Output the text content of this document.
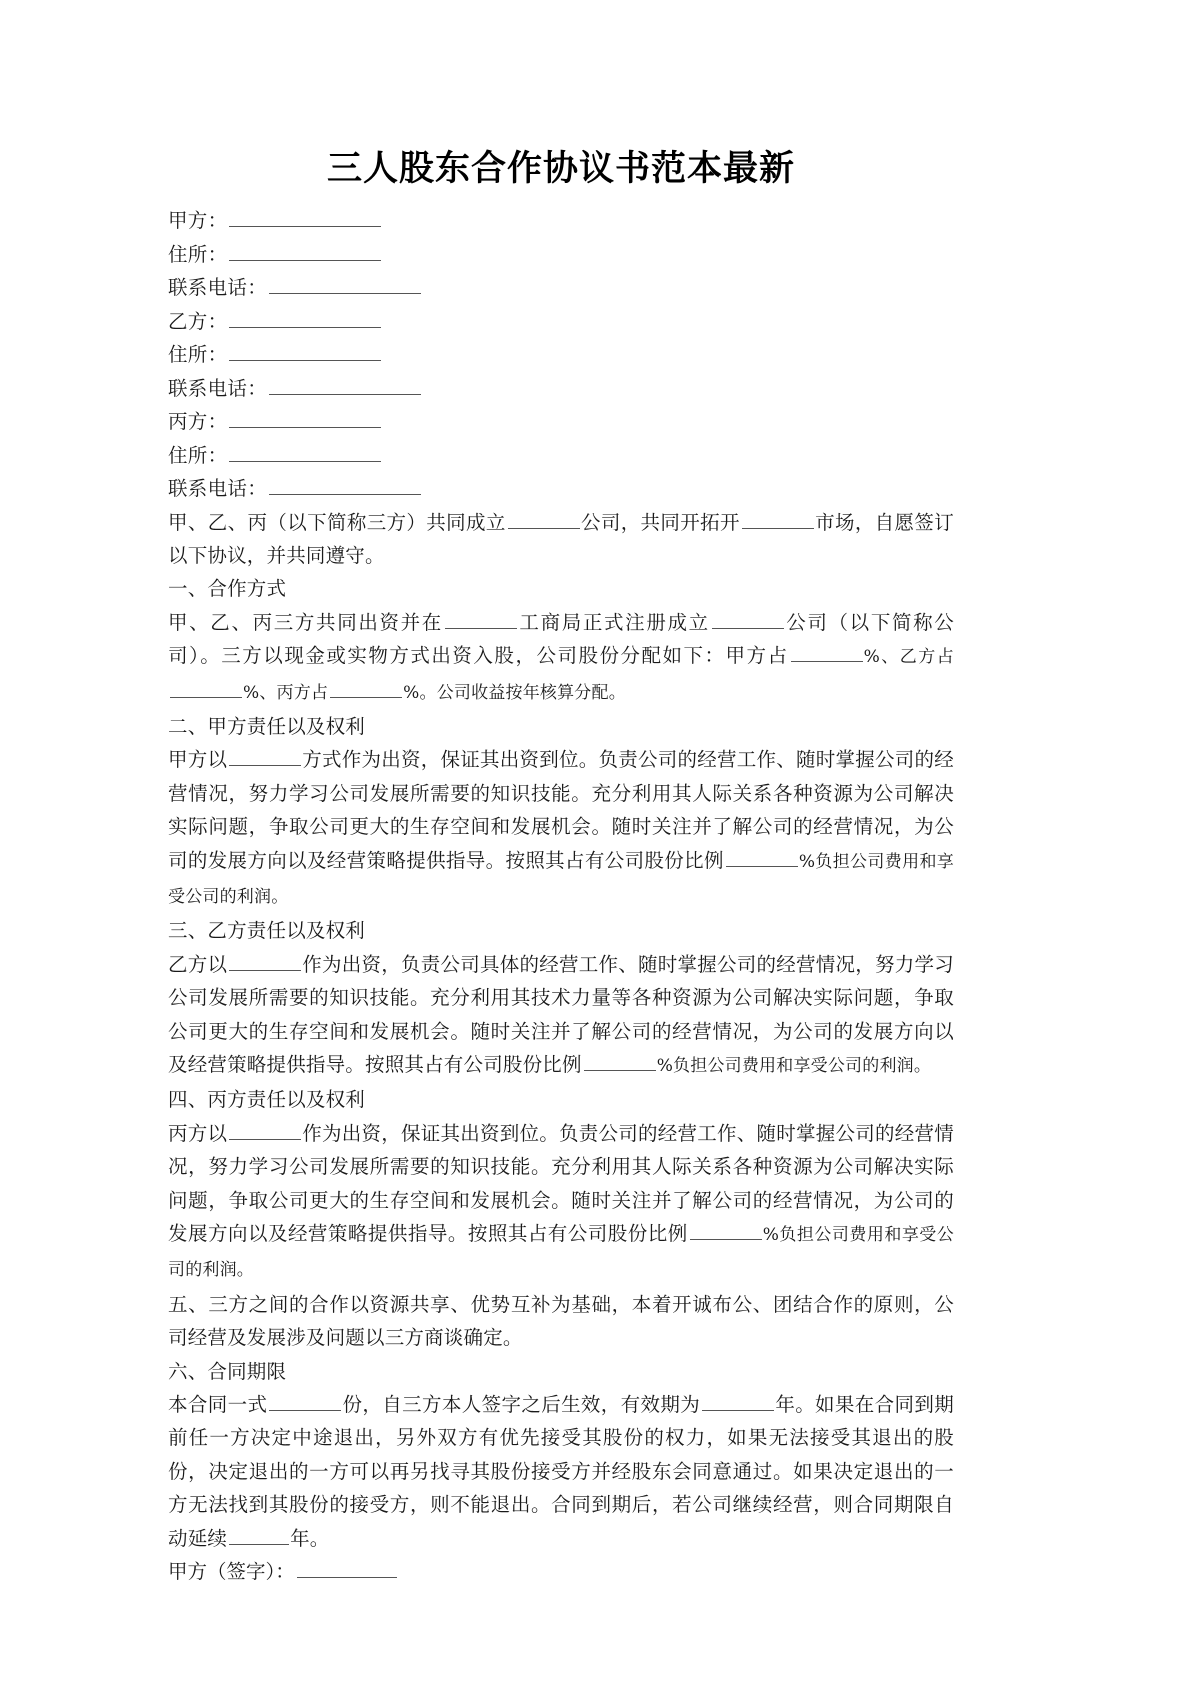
三人股东合作协议书范本最新
甲方：
住所：
联系电话：
乙方：
住所：
联系电话：
丙方：
住所：
联系电话：

甲、乙、丙（以下简称三方）共同成立	公司，共同开拓开	市场，自愿签订以下协议，并共同遵守。

一、合作方式

甲、乙、丙三方共同出资并在	工商局正式注册成立	公司（以下简称公司）。三方以现金或实物方式出资入股，公司股份分配如下：甲方占	%、乙方占%、丙方占	%。公司收益按年核算分配。

二、甲方责任以及权利

甲方以	方式作为出资，保证其出资到位。负责公司的经营工作、随时掌握公司的经营情况，努力学习公司发展所需要的知识技能。充分利用其人际关系各种资源为公司解决实际问题，争取公司更大的生存空间和发展机会。随时关注并了解公司的经营情况，为公司的发展方向以及经营策略提供指导。按照其占有公司股份比例	%负担公司费用和享受公司的利润。

三、乙方责任以及权利

乙方以	作为出资，负责公司具体的经营工作、随时掌握公司的经营情况，努力学习公司发展所需要的知识技能。充分利用其技术力量等各种资源为公司解决实际问题，争取公司更大的生存空间和发展机会。随时关注并了解公司的经营情况，为公司的发展方向以及经营策略提供指导。按照其占有公司股份比例	%负担公司费用和享受公司的利润。

四、丙方责任以及权利

丙方以	作为出资，保证其出资到位。负责公司的经营工作、随时掌握公司的经营情况，努力学习公司发展所需要的知识技能。充分利用其人际关系各种资源为公司解决实际问题，争取公司更大的生存空间和发展机会。随时关注并了解公司的经营情况，为公司的发展方向以及经营策略提供指导。按照其占有公司股份比例	%负担公司费用和享受公司的利润。

五、三方之间的合作以资源共享、优势互补为基础，本着开诚布公、团结合作的原则，公司经营及发展涉及问题以三方商谈确定。

六、合同期限

本合同一式	份，自三方本人签字之后生效，有效期为	年。如果在合同到期前任一方决定中途退出，另外双方有优先接受其股份的权力，如果无法接受其退出的股份，决定退出的一方可以再另找寻其股份接受方并经股东会同意通过。如果决定退出的一方无法找到其股份的接受方，则不能退出。合同到期后，若公司继续经营，则合同期限自动延续	年。

甲方（签字）：
